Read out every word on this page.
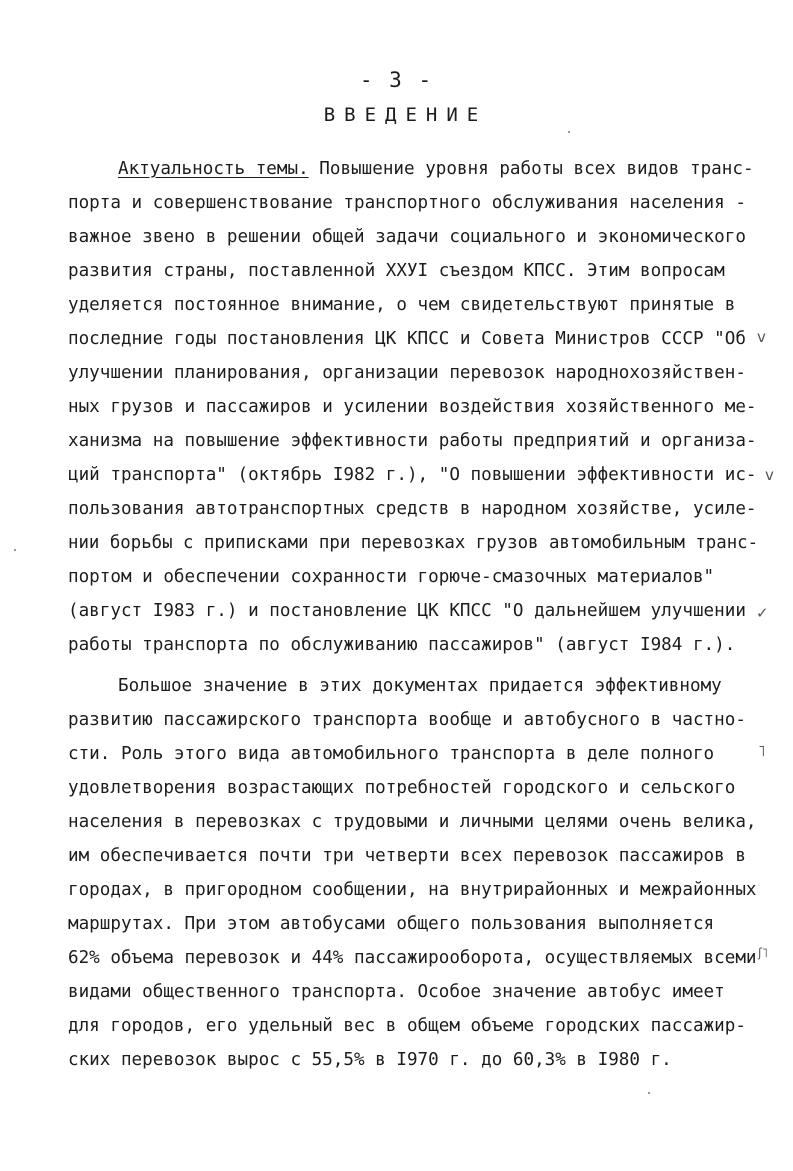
- 3 -
ВВЕДЕНИЕ
Актуальность темы. Повышение уровня работы всех видов транс-
порта и совершенствование транспортного обслуживания населения -
важное звено в решении общей задачи социального и экономического
развития страны, поставленной XXУI съездом КПСС. Этим вопросам
уделяется постоянное внимание, о чем свидетельствуют принятые в
последние годы постановления ЦК КПСС и Совета Министров СССР "Об
улучшении планирования, организации перевозок народнохозяйствен-
ных грузов и пассажиров и усилении воздействия хозяйственного ме-
ханизма на повышение эффективности работы предприятий и организа-
ций транспорта" (октябрь I982 г.), "О повышении эффективности ис-
пользования автотранспортных средств в народном хозяйстве, усиле-
нии борьбы с приписками при перевозках грузов автомобильным транс-
портом и обеспечении сохранности горюче-смазочных материалов"
(август I983 г.) и постановление ЦК КПСС "О дальнейшем улучшении
работы транспорта по обслуживанию пассажиров" (август I984 г.).
Большое значение в этих документах придается эффективному
развитию пассажирского транспорта вообще и автобусного в частно-
сти. Роль этого вида автомобильного транспорта в деле полного
удовлетворения возрастающих потребностей городского и сельского
населения в перевозках с трудовыми и личными целями очень велика,
им обеспечивается почти три четверти всех перевозок пассажиров в
городах, в пригородном сообщении, на внутрирайонных и межрайонных
маршрутах. При этом автобусами общего пользования выполняется
62% объема перевозок и 44% пассажирооборота, осуществляемых всеми
видами общественного транспорта. Особое значение автобус имеет
для городов, его удельный вес в общем объеме городских пассажир-
ских перевозок вырос с 55,5% в I970 г. до 60,3% в I980 г.
v
v
✓
˥
ʃ˥
